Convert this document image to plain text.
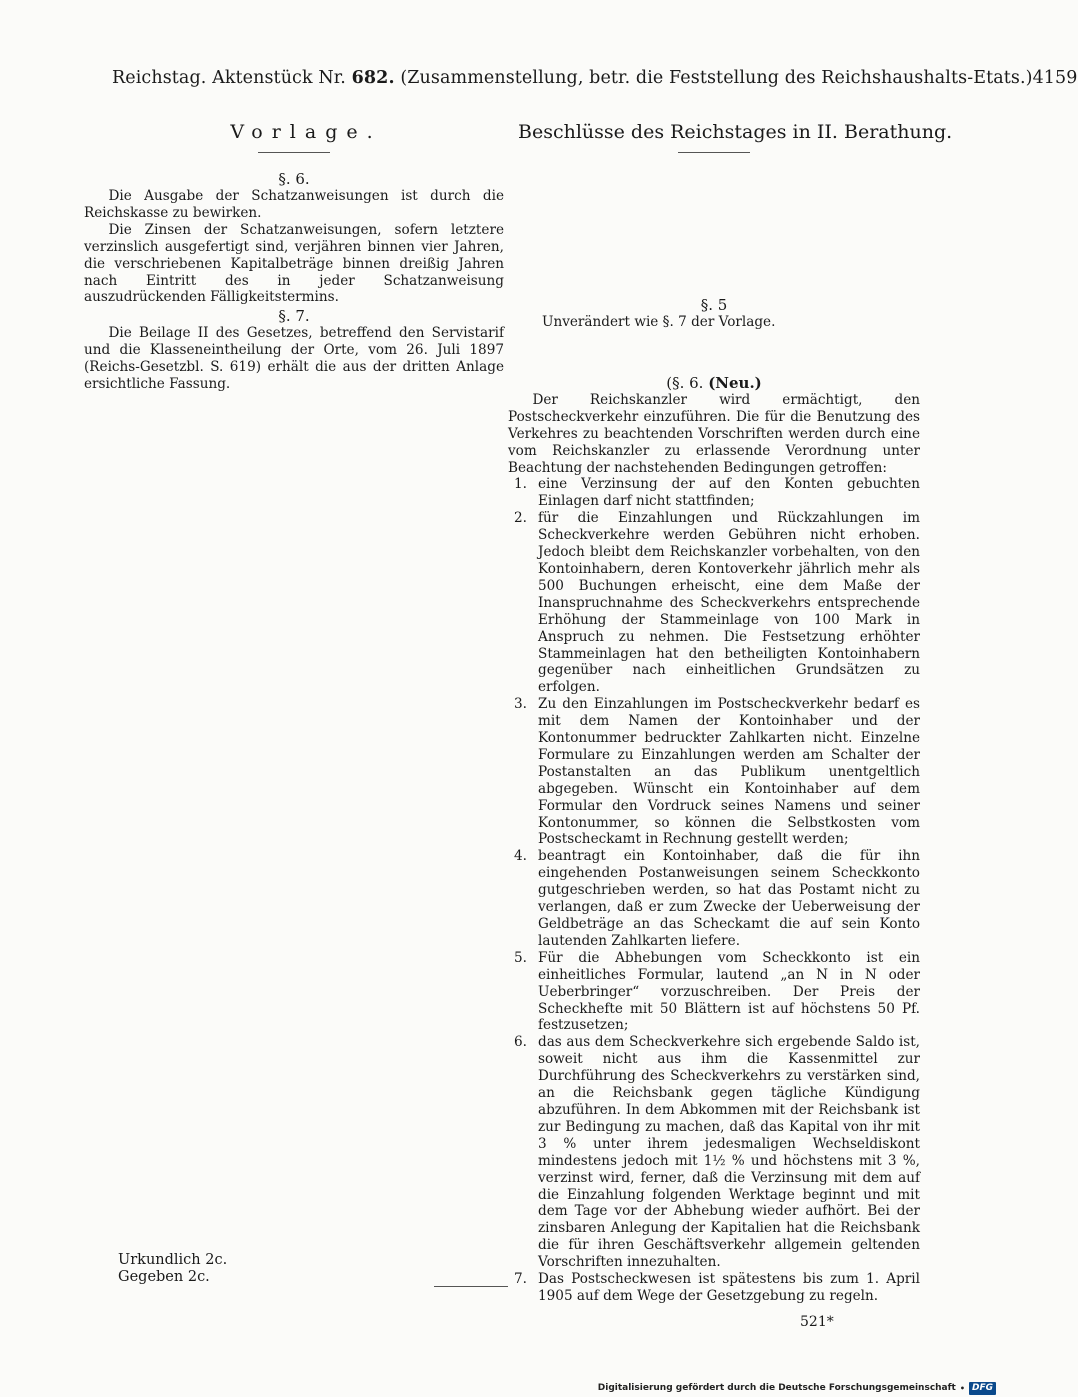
Reichstag. Aktenstück Nr. 682. (Zusammenstellung, betr. die Feststellung des Reichshaushalts-Etats.) 4159
Vorlage.
§. 6.

Die Ausgabe der Schatzanweisungen ist durch die Reichskasse zu bewirken.

Die Zinsen der Schatzanweisungen, sofern letztere verzinslich ausgefertigt sind, verjähren binnen vier Jahren, die verschriebenen Kapitalbeträge binnen dreißig Jahren nach Eintritt des in jeder Schatzanweisung auszudrückenden Fälligkeitstermins.

§. 7.

Die Beilage II des Gesetzes, betreffend den Servistarif und die Klasseneintheilung der Orte, vom 26. Juli 1897 (Reichs-Gesetzbl. S. 619) erhält die aus der dritten Anlage ersichtliche Fassung.

Beschlüsse des Reichstages in II. Berathung.
§. 5
Unverändert wie §. 7 der Vorlage.
(§. 6. (Neu.)

Der Reichskanzler wird ermächtigt, den Postscheckverkehr einzuführen. Die für die Benutzung des Verkehres zu beachtenden Vorschriften werden durch eine vom Reichskanzler zu erlassende Verordnung unter Beachtung der nachstehenden Bedingungen getroffen:

1. eine Verzinsung der auf den Konten gebuchten Einlagen darf nicht stattfinden;
2. für die Einzahlungen und Rückzahlungen im Scheckverkehre werden Gebühren nicht erhoben. Jedoch bleibt dem Reichskanzler vorbehalten, von den Kontoinhabern, deren Kontoverkehr jährlich mehr als 500 Buchungen erheischt, eine dem Maße der Inanspruchnahme des Scheckverkehrs entsprechende Erhöhung der Stammeinlage von 100 Mark in Anspruch zu nehmen. Die Festsetzung erhöhter Stammeinlagen hat den betheiligten Kontoinhabern gegenüber nach einheitlichen Grundsätzen zu erfolgen.
3. Zu den Einzahlungen im Postscheckverkehr bedarf es mit dem Namen der Kontoinhaber und der Kontonummer bedruckter Zahlkarten nicht. Einzelne Formulare zu Einzahlungen werden am Schalter der Postanstalten an das Publikum unentgeltlich abgegeben. Wünscht ein Kontoinhaber auf dem Formular den Vordruck seines Namens und seiner Kontonummer, so können die Selbstkosten vom Postscheckamt in Rechnung gestellt werden;
4. beantragt ein Kontoinhaber, daß die für ihn eingehenden Postanweisungen seinem Scheckkonto gutgeschrieben werden, so hat das Postamt nicht zu verlangen, daß er zum Zwecke der Ueberweisung der Geldbeträge an das Scheckamt die auf sein Konto lautenden Zahlkarten liefere.
5. Für die Abhebungen vom Scheckkonto ist ein einheitliches Formular, lautend „an N in N oder Ueberbringer“ vorzuschreiben. Der Preis der Scheckhefte mit 50 Blättern ist auf höchstens 50 Pf. festzusetzen;
6. das aus dem Scheckverkehre sich ergebende Saldo ist, soweit nicht aus ihm die Kassenmittel zur Durchführung des Scheckverkehrs zu verstärken sind, an die Reichsbank gegen tägliche Kündigung abzuführen. In dem Abkommen mit der Reichsbank ist zur Bedingung zu machen, daß das Kapital von ihr mit 3 % unter ihrem jedesmaligen Wechseldiskont mindestens jedoch mit 1½ % und höchstens mit 3 %, verzinst wird, ferner, daß die Verzinsung mit dem auf die Einzahlung folgenden Werktage beginnt und mit dem Tage vor der Abhebung wieder aufhört. Bei der zinsbaren Anlegung der Kapitalien hat die Reichsbank die für ihren Geschäftsverkehr allgemein geltenden Vorschriften innezuhalten.
7. Das Postscheckwesen ist spätestens bis zum 1. April 1905 auf dem Wege der Gesetzgebung zu regeln.
Urkundlich 2c.
Gegeben 2c.
521*
Digitalisierung gefördert durch die Deutsche Forschungsgemeinschaft • DFG
